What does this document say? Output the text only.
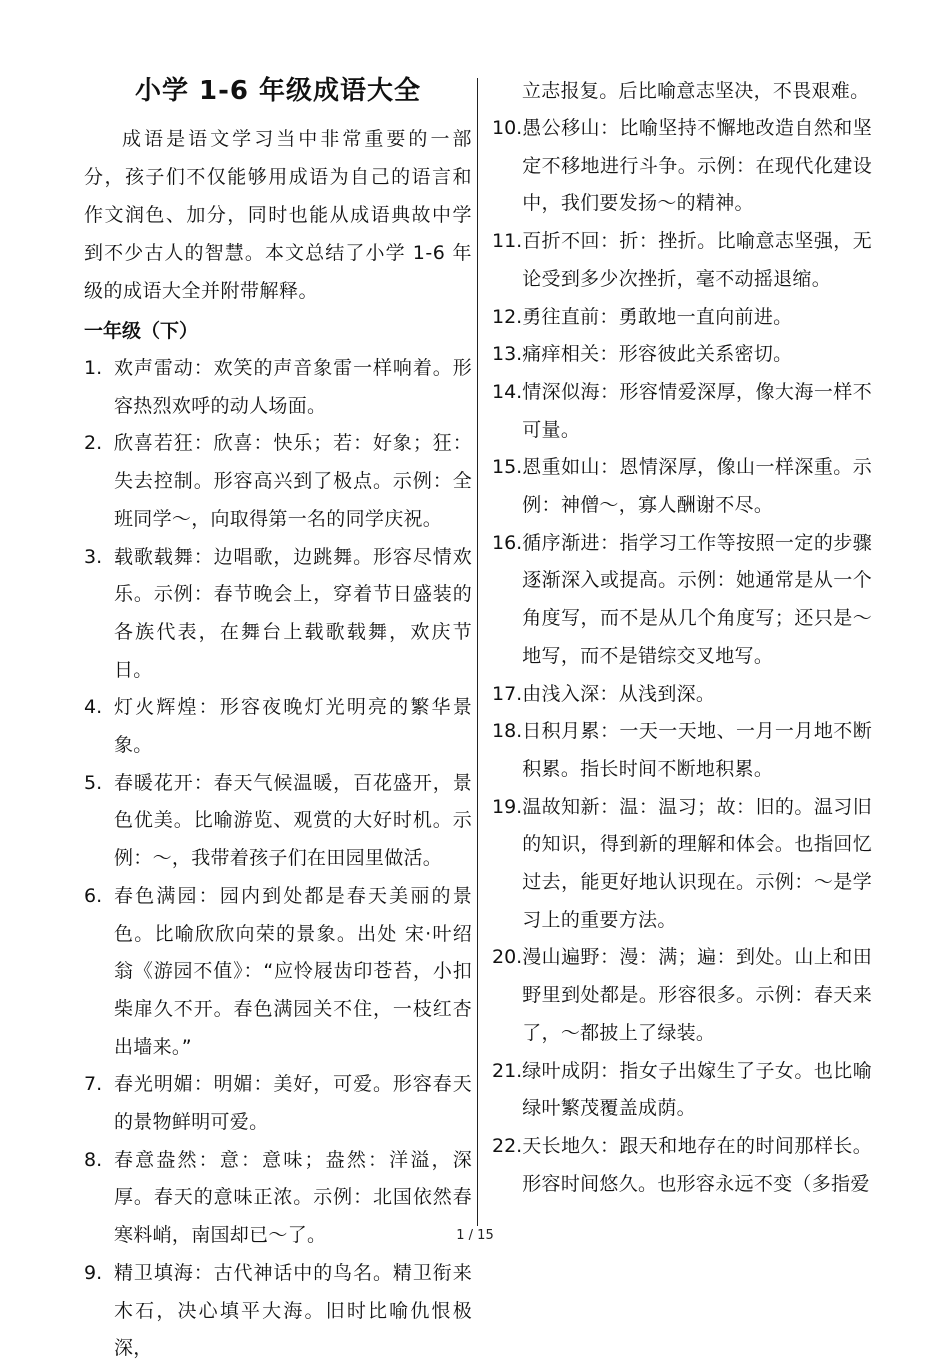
小学 1-6 年级成语大全

成语是语文学习当中非常重要的一部分，孩子们不仅能够用成语为自己的语言和作文润色、加分，同时也能从成语典故中学到不少古人的智慧。本文总结了小学 1-6 年级的成语大全并附带解释。

一年级（下）
1. 欢声雷动：欢笑的声音象雷一样响着。形容热烈欢呼的动人场面。
2. 欣喜若狂：欣喜：快乐；若：好象；狂：失去控制。形容高兴到了极点。示例：全班同学～，向取得第一名的同学庆祝。
3. 载歌载舞：边唱歌，边跳舞。形容尽情欢乐。示例：春节晚会上，穿着节日盛装的各族代表，在舞台上载歌载舞，欢庆节日。
4. 灯火辉煌：形容夜晚灯光明亮的繁华景象。
5. 春暖花开：春天气候温暖，百花盛开，景色优美。比喻游览、观赏的大好时机。示例：～，我带着孩子们在田园里做活。
6. 春色满园：园内到处都是春天美丽的景色。比喻欣欣向荣的景象。出处 宋·叶绍翁《游园不值》：“应怜屐齿印苍苔，小扣柴扉久不开。春色满园关不住，一枝红杏出墙来。”
7. 春光明媚：明媚：美好，可爱。形容春天的景物鲜明可爱。
8. 春意盎然：意：意味；盎然：洋溢，深厚。春天的意味正浓。示例：北国依然春寒料峭，南国却已～了。
9. 精卫填海：古代神话中的鸟名。精卫衔来木石，决心填平大海。旧时比喻仇恨极深，
立志报复。后比喻意志坚决，不畏艰难。
10. 愚公移山：比喻坚持不懈地改造自然和坚定不移地进行斗争。示例：在现代化建设中，我们要发扬～的精神。
11. 百折不回：折：挫折。比喻意志坚强，无论受到多少次挫折，毫不动摇退缩。
12. 勇往直前：勇敢地一直向前进。
13. 痛痒相关：形容彼此关系密切。
14. 情深似海：形容情爱深厚，像大海一样不可量。
15. 恩重如山：恩情深厚，像山一样深重。示例：神僧～，寡人酬谢不尽。
16. 循序渐进：指学习工作等按照一定的步骤逐渐深入或提高。示例：她通常是从一个角度写，而不是从几个角度写；还只是～地写，而不是错综交叉地写。
17. 由浅入深：从浅到深。
18. 日积月累：一天一天地、一月一月地不断积累。指长时间不断地积累。
19. 温故知新：温：温习；故：旧的。温习旧的知识，得到新的理解和体会。也指回忆过去，能更好地认识现在。示例：～是学习上的重要方法。
20. 漫山遍野：漫：满；遍：到处。山上和田野里到处都是。形容很多。示例：春天来了，～都披上了绿装。
21. 绿叶成阴：指女子出嫁生了子女。也比喻绿叶繁茂覆盖成荫。
22. 天长地久：跟天和地存在的时间那样长。形容时间悠久。也形容永远不变（多指爱
1 / 15
